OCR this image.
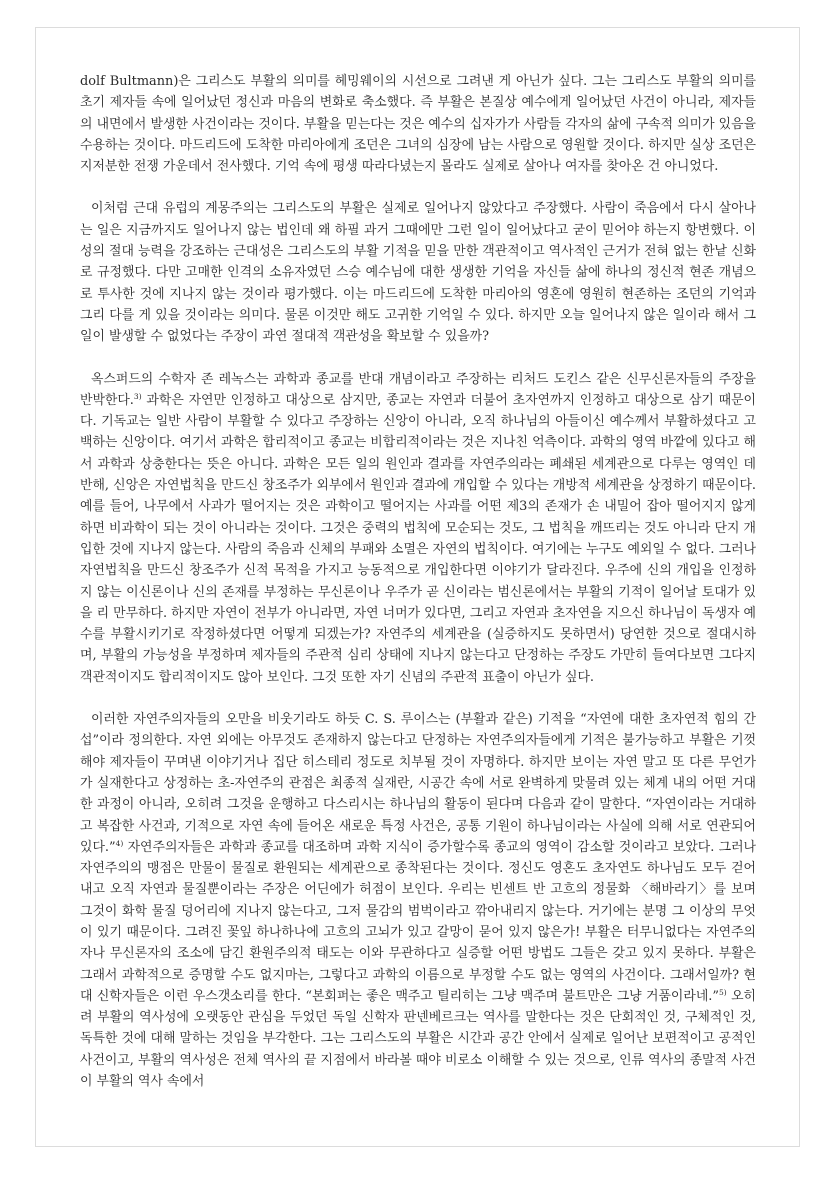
dolf Bultmann)은 그리스도 부활의 의미를 헤밍웨이의 시선으로 그려낸 게 아닌가 싶다. 그는 그리스도 부활의 의미를 초기 제자들 속에 일어났던 정신과 마음의 변화로 축소했다. 즉 부활은 본질상 예수에게 일어났던 사건이 아니라, 제자들의 내면에서 발생한 사건이라는 것이다. 부활을 믿는다는 것은 예수의 십자가가 사람들 각자의 삶에 구속적 의미가 있음을 수용하는 것이다. 마드리드에 도착한 마리아에게 조던은 그녀의 심장에 남는 사람으로 영원할 것이다. 하지만 실상 조던은 지저분한 전쟁 가운데서 전사했다. 기억 속에 평생 따라다녔는지 몰라도 실제로 살아나 여자를 찾아온 건 아니었다.

이처럼 근대 유럽의 계몽주의는 그리스도의 부활은 실제로 일어나지 않았다고 주장했다. 사람이 죽음에서 다시 살아나는 일은 지금까지도 일어나지 않는 법인데 왜 하필 과거 그때에만 그런 일이 일어났다고 굳이 믿어야 하는지 항변했다. 이성의 절대 능력을 강조하는 근대성은 그리스도의 부활 기적을 믿을 만한 객관적이고 역사적인 근거가 전혀 없는 한낱 신화로 규정했다. 다만 고매한 인격의 소유자였던 스승 예수님에 대한 생생한 기억을 자신들 삶에 하나의 정신적 현존 개념으로 투사한 것에 지나지 않는 것이라 평가했다. 이는 마드리드에 도착한 마리아의 영혼에 영원히 현존하는 조던의 기억과 그리 다를 게 있을 것이라는 의미다. 물론 이것만 해도 고귀한 기억일 수 있다. 하지만 오늘 일어나지 않은 일이라 해서 그 일이 발생할 수 없었다는 주장이 과연 절대적 객관성을 확보할 수 있을까?

옥스퍼드의 수학자 존 레녹스는 과학과 종교를 반대 개념이라고 주장하는 리처드 도킨스 같은 신무신론자들의 주장을 반박한다.$^{3)}$ 과학은 자연만 인정하고 대상으로 삼지만, 종교는 자연과 더불어 초자연까지 인정하고 대상으로 삼기 때문이다. 기독교는 일반 사람이 부활할 수 있다고 주장하는 신앙이 아니라, 오직 하나님의 아들이신 예수께서 부활하셨다고 고백하는 신앙이다. 여기서 과학은 합리적이고 종교는 비합리적이라는 것은 지나친 억측이다. 과학의 영역 바깥에 있다고 해서 과학과 상충한다는 뜻은 아니다. 과학은 모든 일의 원인과 결과를 자연주의라는 폐쇄된 세계관으로 다루는 영역인 데 반해, 신앙은 자연법칙을 만드신 창조주가 외부에서 원인과 결과에 개입할 수 있다는 개방적 세계관을 상정하기 때문이다. 예를 들어, 나무에서 사과가 떨어지는 것은 과학이고 떨어지는 사과를 어떤 제3의 존재가 손 내밀어 잡아 떨어지지 않게 하면 비과학이 되는 것이 아니라는 것이다. 그것은 중력의 법칙에 모순되는 것도, 그 법칙을 깨뜨리는 것도 아니라 단지 개입한 것에 지나지 않는다. 사람의 죽음과 신체의 부패와 소멸은 자연의 법칙이다. 여기에는 누구도 예외일 수 없다. 그러나 자연법칙을 만드신 창조주가 신적 목적을 가지고 능동적으로 개입한다면 이야기가 달라진다. 우주에 신의 개입을 인정하지 않는 이신론이나 신의 존재를 부정하는 무신론이나 우주가 곧 신이라는 범신론에서는 부활의 기적이 일어날 토대가 있을 리 만무하다. 하지만 자연이 전부가 아니라면, 자연 너머가 있다면, 그리고 자연과 초자연을 지으신 하나님이 독생자 예수를 부활시키기로 작정하셨다면 어떻게 되겠는가? 자연주의 세계관을 (실증하지도 못하면서) 당연한 것으로 절대시하며, 부활의 가능성을 부정하며 제자들의 주관적 심리 상태에 지나지 않는다고 단정하는 주장도 가만히 들여다보면 그다지 객관적이지도 합리적이지도 않아 보인다. 그것 또한 자기 신념의 주관적 표출이 아닌가 싶다.

이러한 자연주의자들의 오만을 비웃기라도 하듯 C. S. 루이스는 (부활과 같은) 기적을 “자연에 대한 초자연적 힘의 간섭”이라 정의한다. 자연 외에는 아무것도 존재하지 않는다고 단정하는 자연주의자들에게 기적은 불가능하고 부활은 기껏해야 제자들이 꾸며낸 이야기거나 집단 히스테리 정도로 치부될 것이 자명하다. 하지만 보이는 자연 말고 또 다른 무언가가 실재한다고 상정하는 초-자연주의 관점은 최종적 실재란, 시공간 속에 서로 완벽하게 맞물려 있는 체계 내의 어떤 거대한 과정이 아니라, 오히려 그것을 운행하고 다스리시는 하나님의 활동이 된다며 다음과 같이 말한다. “자연이라는 거대하고 복잡한 사건과, 기적으로 자연 속에 들어온 새로운 특정 사건은, 공통 기원이 하나님이라는 사실에 의해 서로 연관되어 있다.”$^{4)}$ 자연주의자들은 과학과 종교를 대조하며 과학 지식이 증가할수록 종교의 영역이 감소할 것이라고 보았다. 그러나 자연주의의 맹점은 만물이 물질로 환원되는 세계관으로 종착된다는 것이다. 정신도 영혼도 초자연도 하나님도 모두 걷어내고 오직 자연과 물질뿐이라는 주장은 어딘에가 허점이 보인다. 우리는 빈센트 반 고흐의 정물화 〈해바라기〉를 보며 그것이 화학 물질 덩어리에 지나지 않는다고, 그저 물감의 범벅이라고 깎아내리지 않는다. 거기에는 분명 그 이상의 무엇이 있기 때문이다. 그려진 꽃잎 하나하나에 고흐의 고뇌가 있고 갈망이 묻어 있지 않은가! 부활은 터무니없다는 자연주의자나 무신론자의 조소에 담긴 환원주의적 태도는 이와 무관하다고 실증할 어떤 방법도 그들은 갖고 있지 못하다. 부활은 그래서 과학적으로 증명할 수도 없지마는, 그렇다고 과학의 이름으로 부정할 수도 없는 영역의 사건이다. 그래서일까? 현대 신학자들은 이런 우스갯소리를 한다. “본회퍼는 좋은 맥주고 틸리히는 그냥 맥주며 불트만은 그냥 거품이라네.”$^{5)}$ 오히려 부활의 역사성에 오랫동안 관심을 두었던 독일 신학자 판넨베르크는 역사를 말한다는 것은 단회적인 것, 구체적인 것, 독특한 것에 대해 말하는 것임을 부각한다. 그는 그리스도의 부활은 시간과 공간 안에서 실제로 일어난 보편적이고 공적인 사건이고, 부활의 역사성은 전체 역사의 끝 지점에서 바라볼 때야 비로소 이해할 수 있는 것으로, 인류 역사의 종말적 사건이 부활의 역사 속에서
